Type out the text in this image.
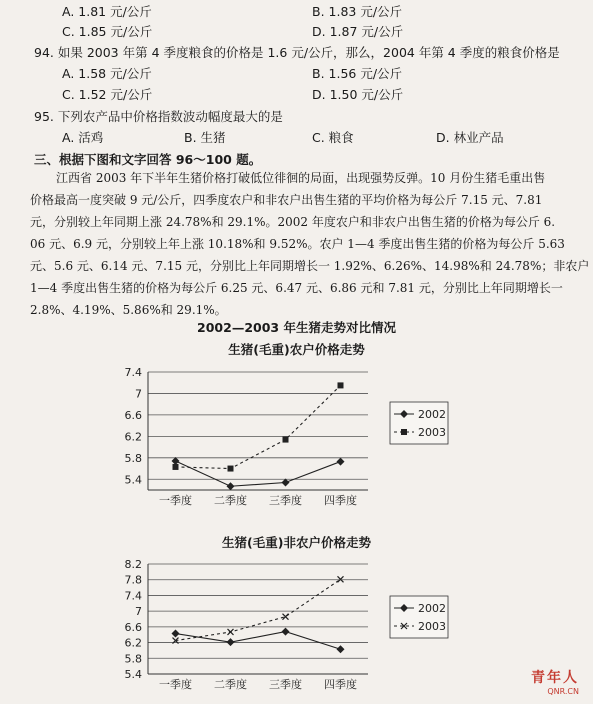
A. 1.81 元/公斤	B. 1.83 元/公斤
C. 1.85 元/公斤	D. 1.87 元/公斤
94. 如果 2003 年第 4 季度粮食的价格是 1.6 元/公斤，那么，2004 年第 4 季度的粮食价格是
A. 1.58 元/公斤	B. 1.56 元/公斤
C. 1.52 元/公斤	D. 1.50 元/公斤
95. 下列农产品中价格指数波动幅度最大的是
A. 活鸡	B. 生猪	C. 粮食	D. 林业产品
三、根据下图和文字回答 96～100 题。
江西省 2003 年下半年生猪价格打破低位徘徊的局面，出现强势反弹。10 月份生猪毛重出售
价格最高一度突破 9 元/公斤，四季度农户和非农户出售生猪的平均价格为每公斤 7.15 元、7.81
元，分别较上年同期上涨 24.78%和 29.1%。2002 年度农户和非农户出售生猪的价格为每公斤 6.
06 元、6.9 元，分别较上年上涨 10.18%和 9.52%。农户 1—4 季度出售生猪的价格为每公斤 5.63
元、5.6 元、6.14 元、7.15 元，分别比上年同期增长一 1.92%、6.26%、14.98%和 24.78%；非农户
1—4 季度出售生猪的价格为每公斤 6.25 元、6.47 元、6.86 元和 7.81 元，分别比上年同期增长一
2.8%、4.19%、5.86%和 29.1%。
2002—2003 年生猪走势对比情况
生猪(毛重)农户价格走势
5.4
5.8
6.2
6.6
7
7.4
一季度 二季度 三季度 四季度
2002
2003
生猪(毛重)非农户价格走势
5.4
5.8
6.2
6.6
7
7.4
7.8
8.2
一季度 二季度 三季度 四季度
2002
2003
青年人
QNR.CN
